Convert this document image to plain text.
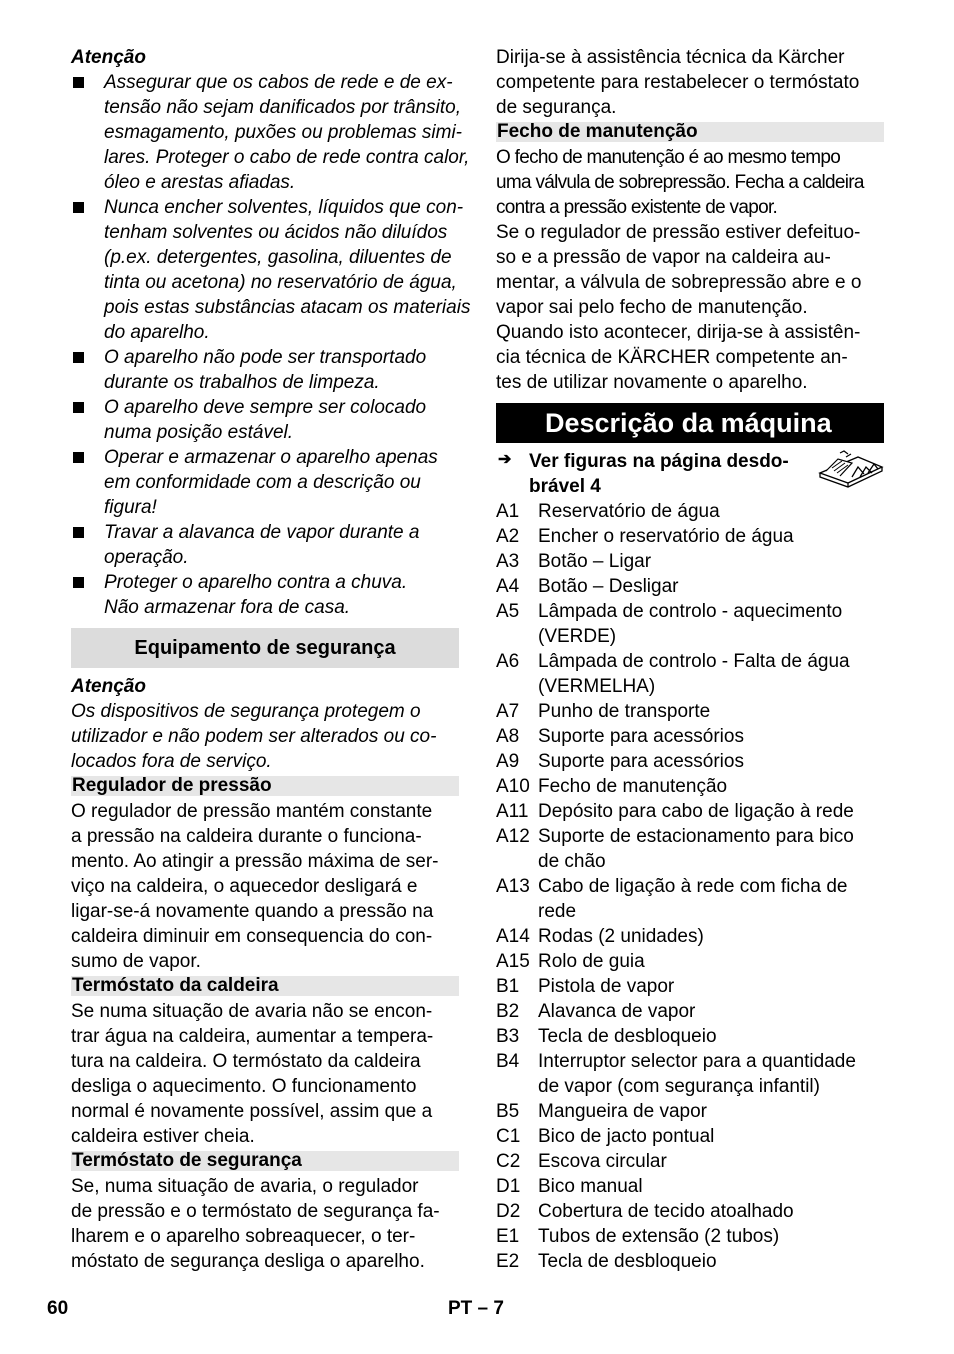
Atenção
Assegurar que os cabos de rede e de ex-
tensão não sejam danificados por trânsito,
esmagamento, puxões ou problemas simi-
lares. Proteger o cabo de rede contra calor,
óleo e arestas afiadas.
Nunca encher solventes, líquidos que con-
tenham solventes ou ácidos não diluídos
(p.ex. detergentes, gasolina, diluentes de
tinta ou acetona) no reservatório de água,
pois estas substâncias atacam os materiais
do aparelho.
O aparelho não pode ser transportado
durante os trabalhos de limpeza.
O aparelho deve sempre ser colocado
numa posição estável.
Operar e armazenar o aparelho apenas
em conformidade com a descrição ou
figura!
Travar a alavanca de vapor durante a
operação.
Proteger o aparelho contra a chuva.
Não armazenar fora de casa.
Equipamento de segurança
Atenção
Os dispositivos de segurança protegem o
utilizador e não podem ser alterados ou co-
locados fora de serviço.
Regulador de pressão
O regulador de pressão mantém constante
a pressão na caldeira durante o funciona-
mento. Ao atingir a pressão máxima de ser-
viço na caldeira, o aquecedor desligará e
ligar-se-á novamente quando a pressão na
caldeira diminuir em consequencia do con-
sumo de vapor.
Termóstato da caldeira
Se numa situação de avaria não se encon-
trar água na caldeira, aumentar a tempera-
tura na caldeira. O termóstato da caldeira
desliga o aquecimento. O funcionamento
normal é novamente possível, assim que a
caldeira estiver cheia.
Termóstato de segurança
Se, numa situação de avaria, o regulador
de pressão e o termóstato de segurança fa-
lharem e o aparelho sobreaquecer, o ter-
móstato de segurança desliga o aparelho.
Dirija-se à assistência técnica da Kärcher
competente para restabelecer o termóstato
de segurança.
Fecho de manutenção
O fecho de manutenção é ao mesmo tempo
uma válvula de sobrepressão. Fecha a caldeira
contra a pressão existente de vapor.
Se o regulador de pressão estiver defeituo-
so e a pressão de vapor na caldeira au-
mentar, a válvula de sobrepressão abre e o
vapor sai pelo fecho de manutenção.
Quando isto acontecer, dirija-se à assistên-
cia técnica de KÄRCHER competente an-
tes de utilizar novamente o aparelho.
Descrição da máquina
➔ Ver figuras na página desdo-
brável 4
A1 Reservatório de água
A2 Encher o reservatório de água
A3 Botão – Ligar
A4 Botão – Desligar
A5 Lâmpada de controlo - aquecimento
(VERDE)
A6 Lâmpada de controlo - Falta de água
(VERMELHA)
A7 Punho de transporte
A8 Suporte para acessórios
A9 Suporte para acessórios
A10 Fecho de manutenção
A11 Depósito para cabo de ligação à rede
A12 Suporte de estacionamento para bico
de chão
A13 Cabo de ligação à rede com ficha de
rede
A14 Rodas (2 unidades)
A15 Rolo de guia
B1 Pistola de vapor
B2 Alavanca de vapor
B3 Tecla de desbloqueio
B4 Interruptor selector para a quantidade
de vapor (com segurança infantil)
B5 Mangueira de vapor
C1 Bico de jacto pontual
C2 Escova circular
D1 Bico manual
D2 Cobertura de tecido atoalhado
E1 Tubos de extensão (2 tubos)
E2 Tecla de desbloqueio
60	PT – 7
